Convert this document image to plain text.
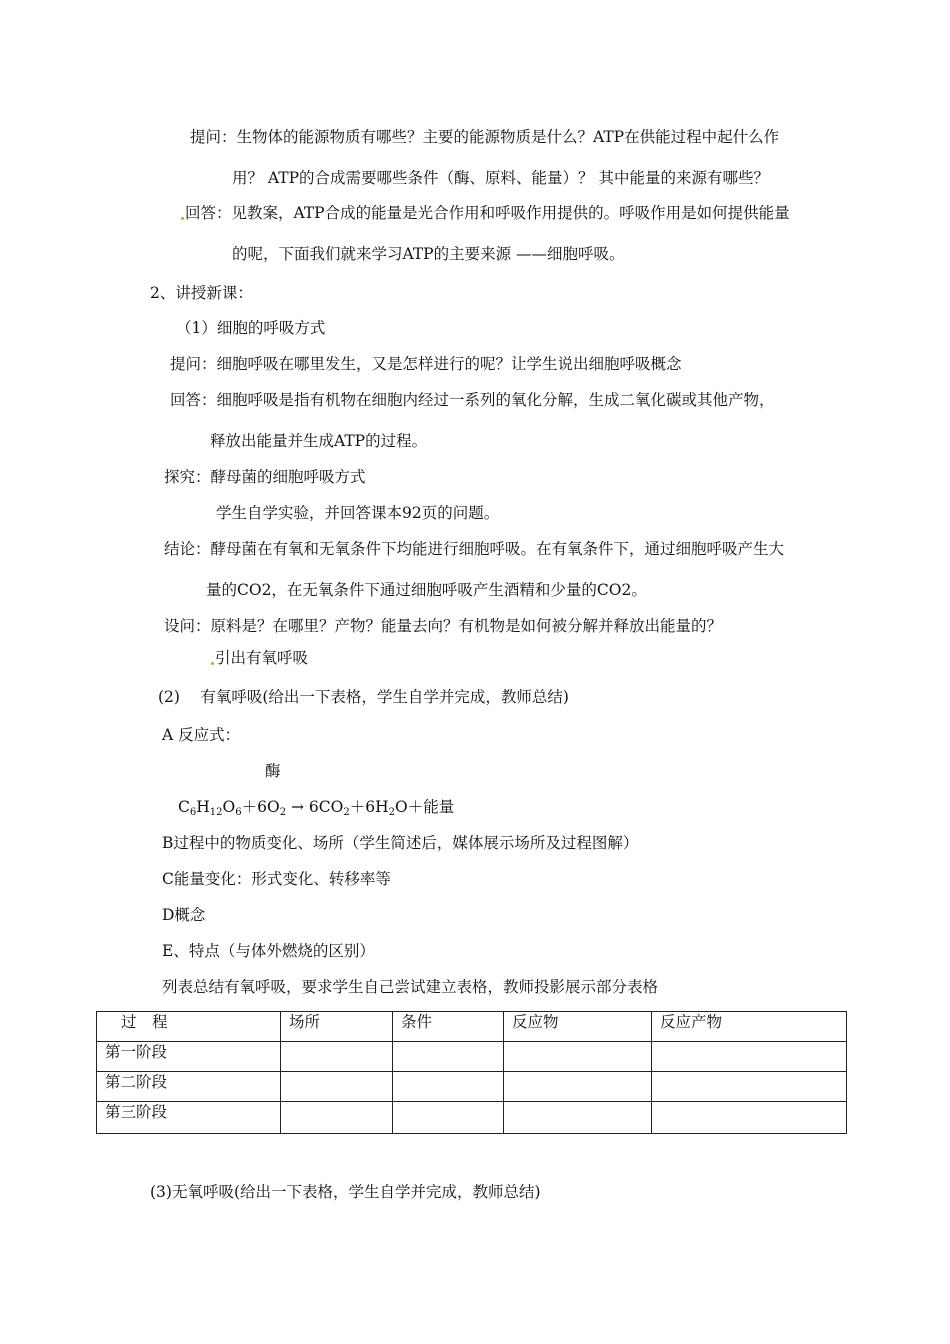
提问：生物体的能源物质有哪些？主要的能源物质是什么？ATP在供能过程中起什么作
用？ ATP的合成需要哪些条件（酶、原料、能量）？ 其中能量的来源有哪些？
回答：见教案，ATP合成的能量是光合作用和呼吸作用提供的。呼吸作用是如何提供能量
的呢，下面我们就来学习ATP的主要来源 ——细胞呼吸。
2、讲授新课：
（1）细胞的呼吸方式
提问：细胞呼吸在哪里发生，又是怎样进行的呢？让学生说出细胞呼吸概念
回答：细胞呼吸是指有机物在细胞内经过一系列的氧化分解，生成二氧化碳或其他产物，
释放出能量并生成ATP的过程。
探究：酵母菌的细胞呼吸方式
学生自学实验，并回答课本92页的问题。
结论：酵母菌在有氧和无氧条件下均能进行细胞呼吸。在有氧条件下，通过细胞呼吸产生大
量的CO2，在无氧条件下通过细胞呼吸产生酒精和少量的CO2。
设问：原料是？在哪里？产物？能量去向？有机物是如何被分解并释放出能量的？
引出有氧呼吸
(2)　 有氧呼吸(给出一下表格，学生自学并完成，教师总结)
A 反应式：
酶
$C_6H_{12}O_6+6O_2 \to 6CO_2+6H_2O+$能量
B过程中的物质变化、场所（学生简述后，媒体展示场所及过程图解）
C能量变化：形式变化、转移率等
D概念
E、特点（与体外燃烧的区别）
列表总结有氧呼吸，要求学生自己尝试建立表格，教师投影展示部分表格
过　程	场所	条件	反应物	反应产物
第一阶段				
第二阶段				
第三阶段				
(3)无氧呼吸(给出一下表格，学生自学并完成，教师总结)
